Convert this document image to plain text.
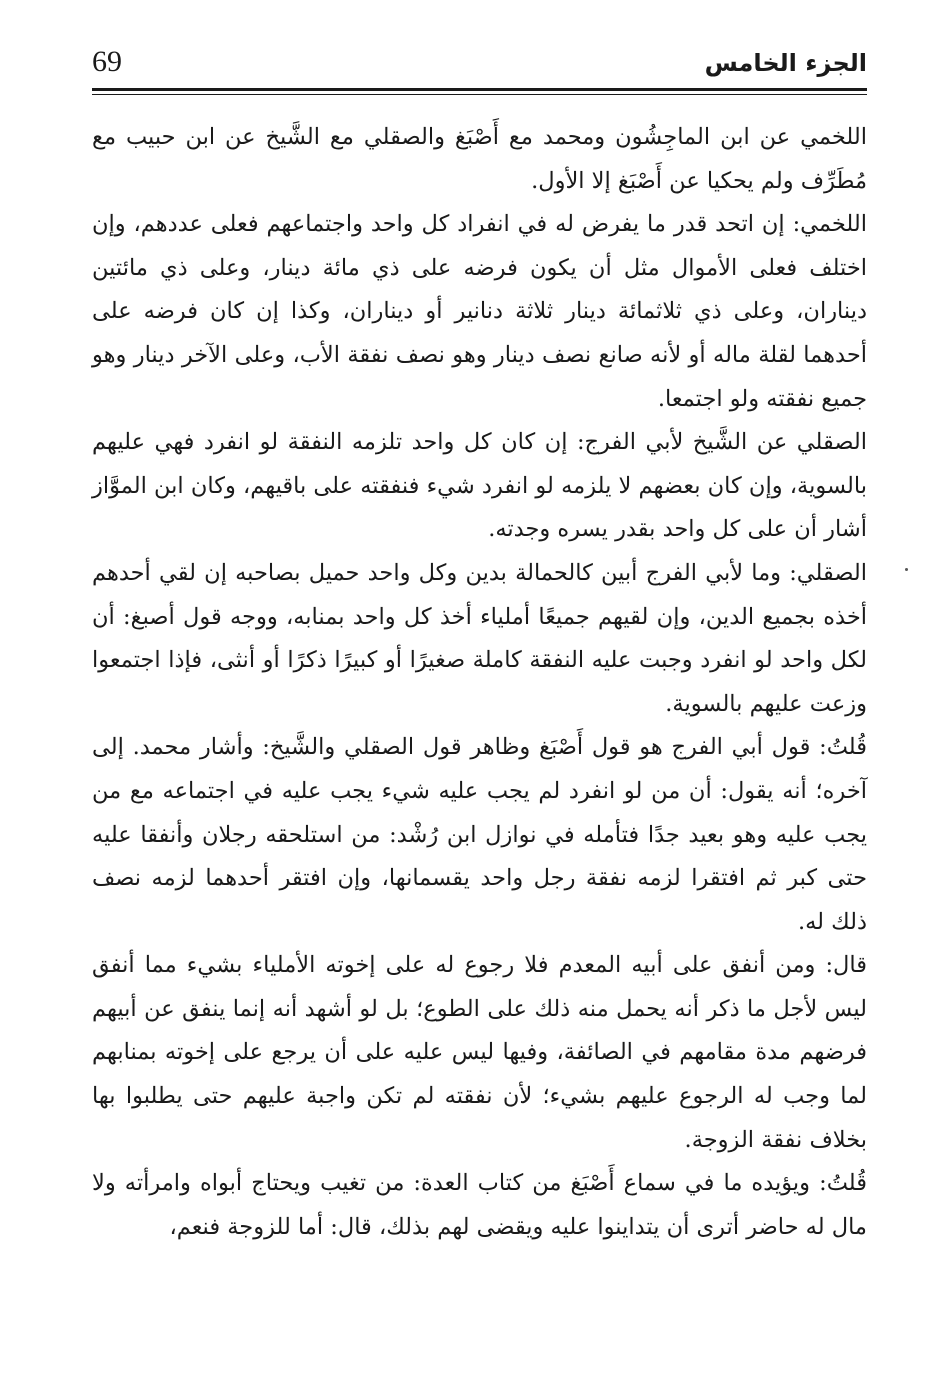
69	الجزء الخامس

اللخمي عن ابن الماجِشُون ومحمد مع أَصْبَغ والصقلي مع الشَّيخ عن ابن حبيب مع مُطَرِّف ولم يحكيا عن أَصْبَغ إلا الأول.

اللخمي: إن اتحد قدر ما يفرض له في انفراد كل واحد واجتماعهم فعلى عددهم، وإن اختلف فعلى الأموال مثل أن يكون فرضه على ذي مائة دينار، وعلى ذي مائتين ديناران، وعلى ذي ثلاثمائة دينار ثلاثة دنانير أو ديناران، وكذا إن كان فرضه على أحدهما لقلة ماله أو لأنه صانع نصف دينار وهو نصف نفقة الأب، وعلى الآخر دينار وهو جميع نفقته ولو اجتمعا.

الصقلي عن الشَّيخ لأبي الفرج: إن كان كل واحد تلزمه النفقة لو انفرد فهي عليهم بالسوية، وإن كان بعضهم لا يلزمه لو انفرد شيء فنفقته على باقيهم، وكان ابن الموَّاز أشار أن على كل واحد بقدر يسره وجدته.

الصقلي: وما لأبي الفرج أبين كالحمالة بدين وكل واحد حميل بصاحبه إن لقي أحدهم أخذه بجميع الدين، وإن لقيهم جميعًا أملياء أخذ كل واحد بمنابه، ووجه قول أصبغ: أن لكل واحد لو انفرد وجبت عليه النفقة كاملة صغيرًا أو كبيرًا ذكرًا أو أنثى، فإذا اجتمعوا وزعت عليهم بالسوية.

قُلتُ: قول أبي الفرج هو قول أَصْبَغ وظاهر قول الصقلي والشَّيخ: وأشار محمد. إلى آخره؛ أنه يقول: أن من لو انفرد لم يجب عليه شيء يجب عليه في اجتماعه مع من يجب عليه وهو بعيد جدًا فتأمله في نوازل ابن رُشْد: من استلحقه رجلان وأنفقا عليه حتى كبر ثم افتقرا لزمه نفقة رجل واحد يقسمانها، وإن افتقر أحدهما لزمه نصف ذلك له.

قال: ومن أنفق على أبيه المعدم فلا رجوع له على إخوته الأملياء بشيء مما أنفق ليس لأجل ما ذكر أنه يحمل منه ذلك على الطوع؛ بل لو أشهد أنه إنما ينفق عن أبيهم فرضهم مدة مقامهم في الصائفة، وفيها ليس عليه على أن يرجع على إخوته بمنابهم لما وجب له الرجوع عليهم بشيء؛ لأن نفقته لم تكن واجبة عليهم حتى يطلبوا بها بخلاف نفقة الزوجة.

قُلتُ: ويؤيده ما في سماع أَصْبَغ من كتاب العدة: من تغيب ويحتاج أبواه وامرأته ولا مال له حاضر أترى أن يتداينوا عليه ويقضى لهم بذلك، قال: أما للزوجة فنعم،
